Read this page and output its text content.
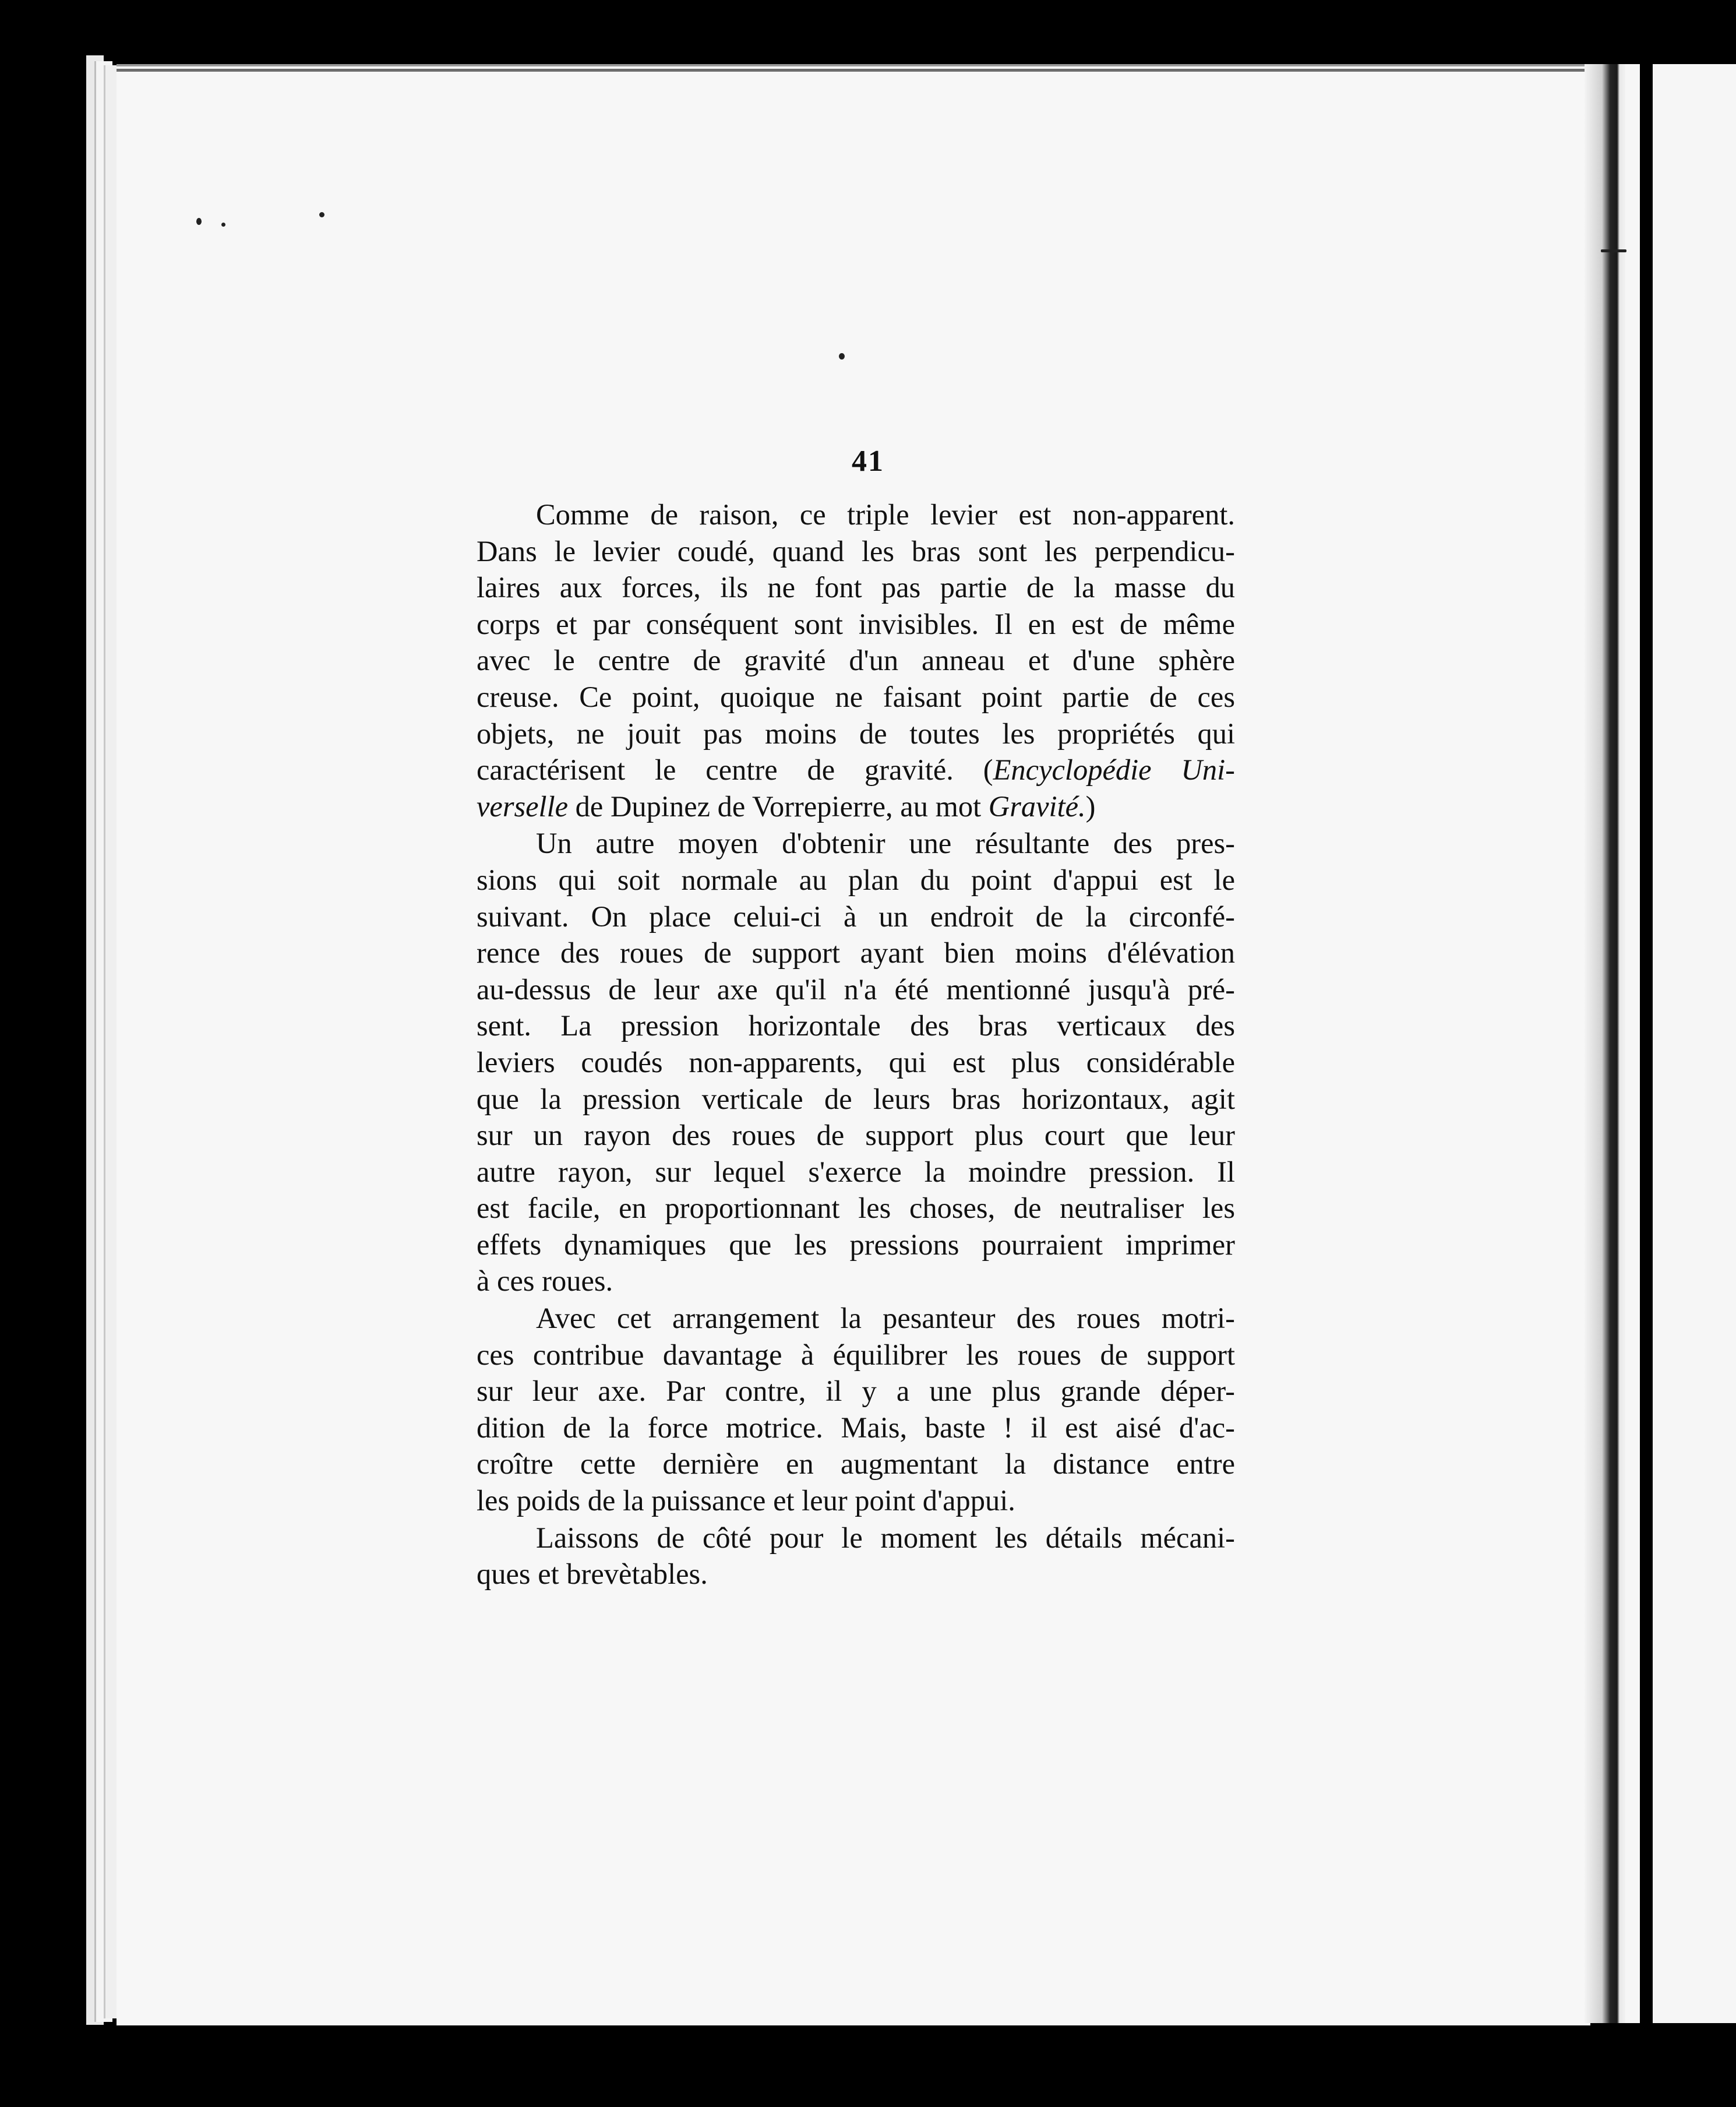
41
Comme de raison, ce triple levier est non-apparent.
Dans le levier coudé, quand les bras sont les perpendicu-
laires aux forces, ils ne font pas partie de la masse du
corps et par conséquent sont invisibles. Il en est de même
avec le centre de gravité d'un anneau et d'une sphère
creuse. Ce point, quoique ne faisant point partie de ces
objets, ne jouit pas moins de toutes les propriétés qui
caractérisent le centre de gravité. (Encyclopédie Uni-
verselle de Dupinez de Vorrepierre, au mot Gravité.)
Un autre moyen d'obtenir une résultante des pres-
sions qui soit normale au plan du point d'appui est le
suivant. On place celui-ci à un endroit de la circonfé-
rence des roues de support ayant bien moins d'élévation
au-dessus de leur axe qu'il n'a été mentionné jusqu'à pré-
sent. La pression horizontale des bras verticaux des
leviers coudés non-apparents, qui est plus considérable
que la pression verticale de leurs bras horizontaux, agit
sur un rayon des roues de support plus court que leur
autre rayon, sur lequel s'exerce la moindre pression. Il
est facile, en proportionnant les choses, de neutraliser les
effets dynamiques que les pressions pourraient imprimer
à ces roues.
Avec cet arrangement la pesanteur des roues motri-
ces contribue davantage à équilibrer les roues de support
sur leur axe. Par contre, il y a une plus grande déper-
dition de la force motrice. Mais, baste ! il est aisé d'ac-
croître cette dernière en augmentant la distance entre
les poids de la puissance et leur point d'appui.
Laissons de côté pour le moment les détails mécani-
ques et brevètables.
